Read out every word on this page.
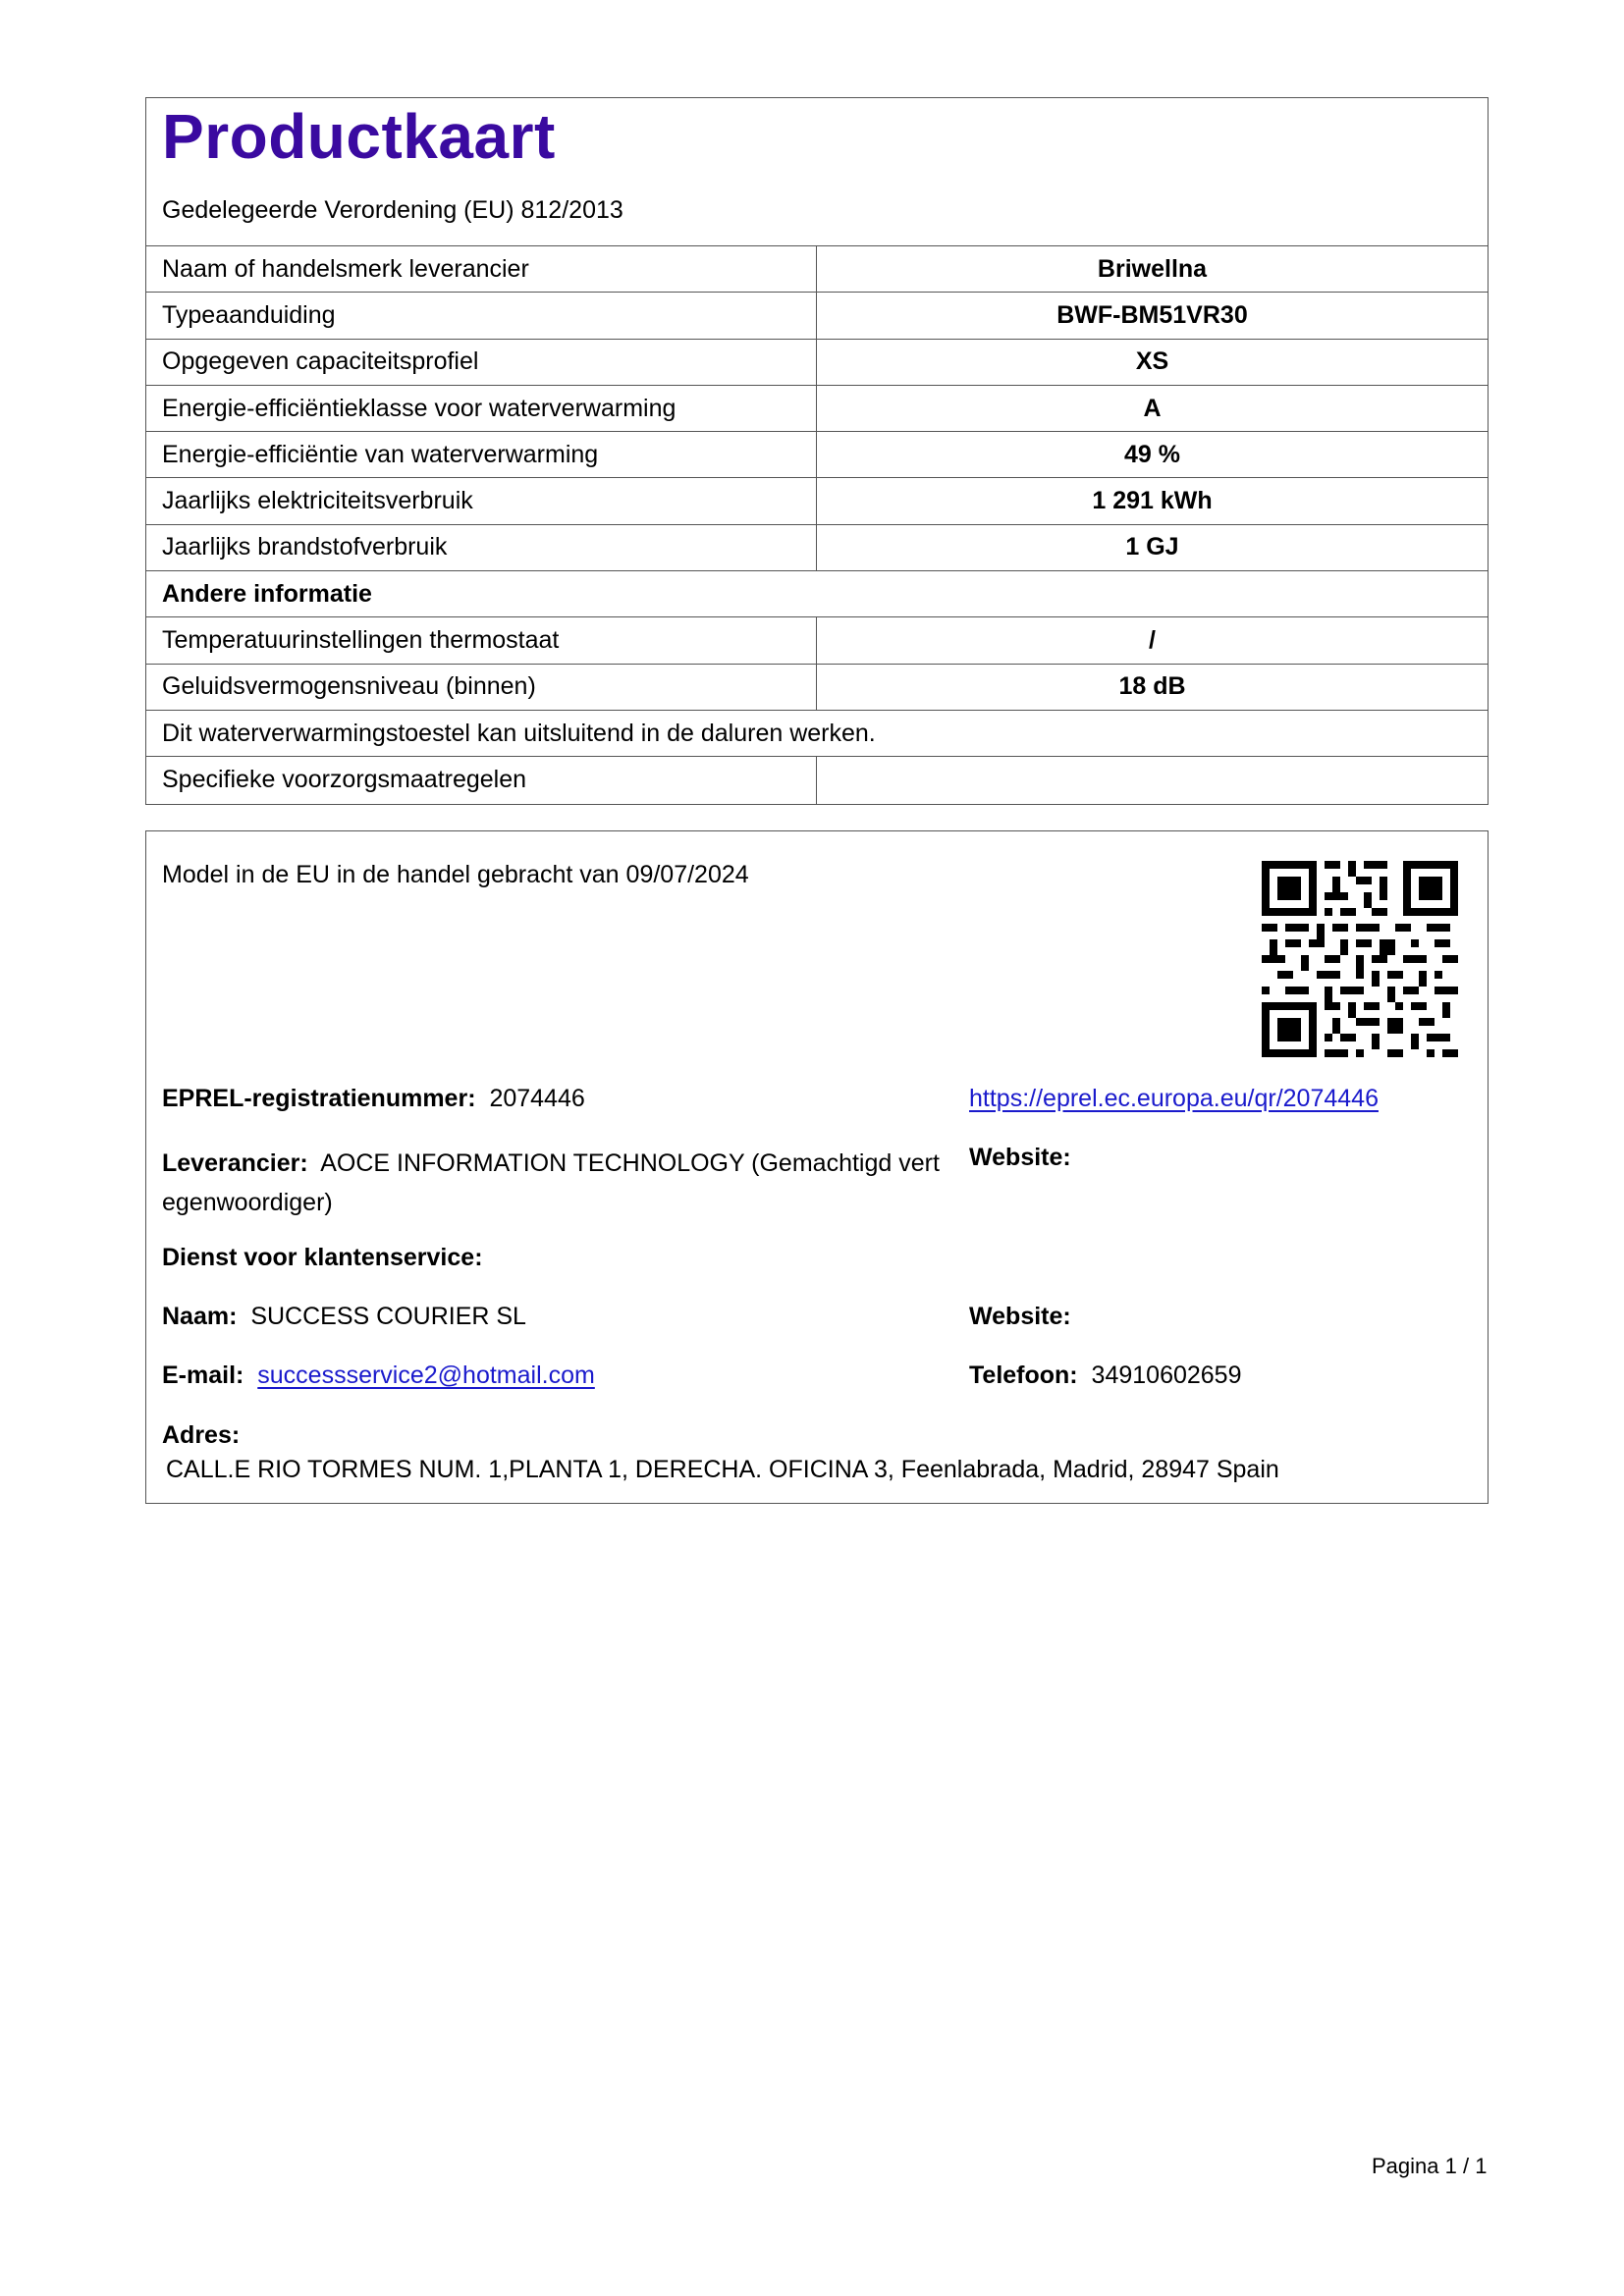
Productkaart
Gedelegeerde Verordening (EU) 812/2013
Naam of handelsmerk leverancier	Briwellna
Typeaanduiding	BWF-BM51VR30
Opgegeven capaciteitsprofiel	XS
Energie-efficiëntieklasse voor waterverwarming	A
Energie-efficiëntie van waterverwarming	49 %
Jaarlijks elektriciteitsverbruik	1 291 kWh
Jaarlijks brandstofverbruik	1 GJ
Andere informatie
Temperatuurinstellingen thermostaat	/
Geluidsvermogensniveau (binnen)	18 dB
Dit waterverwarmingstoestel kan uitsluitend in de daluren werken.
Specifieke voorzorgsmaatregelen
Model in de EU in de handel gebracht van 09/07/2024
EPREL-registratienummer: 2074446	https://eprel.ec.europa.eu/qr/2074446
Leverancier: AOCE INFORMATION TECHNOLOGY (Gemachtigd vert
egenwoordiger)
Website:
Dienst voor klantenservice:
Naam: SUCCESS COURIER SL	Website:
E-mail: successservice2@hotmail.com	Telefoon: 34910602659
Adres:
CALL.E RIO TORMES NUM. 1,PLANTA 1, DERECHA. OFICINA 3, Feenlabrada, Madrid, 28947 Spain
Pagina 1 / 1
